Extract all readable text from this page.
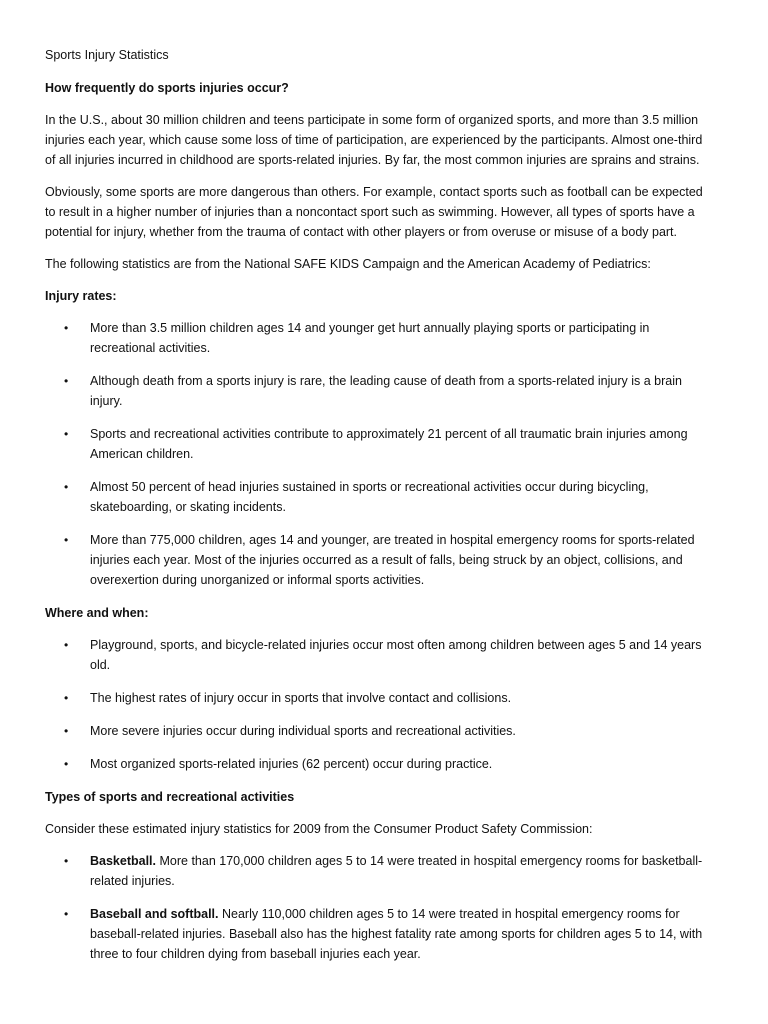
Sports Injury Statistics
How frequently do sports injuries occur?

In the U.S., about 30 million children and teens participate in some form of organized sports, and more than 3.5 million injuries each year, which cause some loss of time of participation, are experienced by the participants. Almost one-third of all injuries incurred in childhood are sports-related injuries. By far, the most common injuries are sprains and strains.

Obviously, some sports are more dangerous than others. For example, contact sports such as football can be expected to result in a higher number of injuries than a noncontact sport such as swimming. However, all types of sports have a potential for injury, whether from the trauma of contact with other players or from overuse or misuse of a body part.

The following statistics are from the National SAFE KIDS Campaign and the American Academy of Pediatrics:

Injury rates:
• More than 3.5 million children ages 14 and younger get hurt annually playing sports or participating in recreational activities.
• Although death from a sports injury is rare, the leading cause of death from a sports-related injury is a brain injury.
• Sports and recreational activities contribute to approximately 21 percent of all traumatic brain injuries among American children.
• Almost 50 percent of head injuries sustained in sports or recreational activities occur during bicycling, skateboarding, or skating incidents.
• More than 775,000 children, ages 14 and younger, are treated in hospital emergency rooms for sports-related injuries each year. Most of the injuries occurred as a result of falls, being struck by an object, collisions, and overexertion during unorganized or informal sports activities.
Where and when:
• Playground, sports, and bicycle-related injuries occur most often among children between ages 5 and 14 years old.
• The highest rates of injury occur in sports that involve contact and collisions.
• More severe injuries occur during individual sports and recreational activities.
• Most organized sports-related injuries (62 percent) occur during practice.
Types of sports and recreational activities

Consider these estimated injury statistics for 2009 from the Consumer Product Safety Commission:

• Basketball. More than 170,000 children ages 5 to 14 were treated in hospital emergency rooms for basketball-related injuries.
• Baseball and softball. Nearly 110,000 children ages 5 to 14 were treated in hospital emergency rooms for baseball-related injuries. Baseball also has the highest fatality rate among sports for children ages 5 to 14, with three to four children dying from baseball injuries each year.
